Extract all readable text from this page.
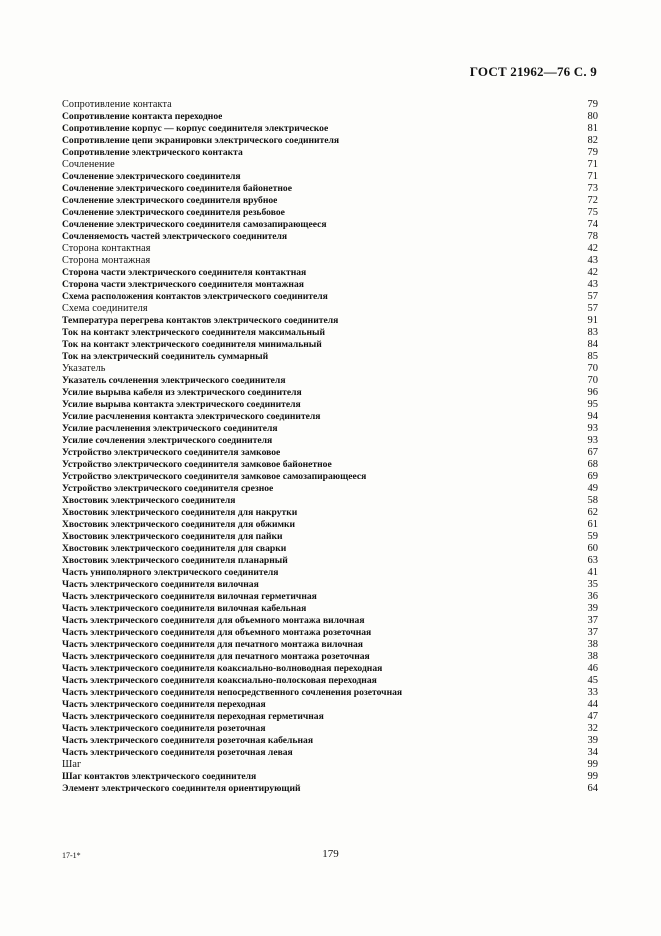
ГОСТ 21962—76 С. 9
Сопротивление контакта	79
Сопротивление контакта переходное	80
Сопротивление корпус — корпус соединителя электрическое	81
Сопротивление цепи экранировки электрического соединителя	82
Сопротивление электрического контакта	79
Сочленение	71
Сочленение электрического соединителя	71
Сочленение электрического соединителя байонетное	73
Сочленение электрического соединителя врубное	72
Сочленение электрического соединителя резьбовое	75
Сочленение электрического соединителя самозапирающееся	74
Сочленяемость частей электрического соединителя	78
Сторона контактная	42
Сторона монтажная	43
Сторона части электрического соединителя контактная	42
Сторона части электрического соединителя монтажная	43
Схема расположения контактов электрического соединителя	57
Схема соединителя	57
Температура перегрева контактов электрического соединителя	91
Ток на контакт электрического соединителя максимальный	83
Ток на контакт электрического соединителя минимальный	84
Ток на электрический соединитель суммарный	85
Указатель	70
Указатель сочленения электрического соединителя	70
Усилие вырыва кабеля из электрического соединителя	96
Усилие вырыва контакта электрического соединителя	95
Усилие расчленения контакта электрического соединителя	94
Усилие расчленения электрического соединителя	93
Усилие сочленения электрического соединителя	93
Устройство электрического соединителя замковое	67
Устройство электрического соединителя замковое байонетное	68
Устройство электрического соединителя замковое самозапирающееся	69
Устройство электрического соединителя срезное	49
Хвостовик электрического соединителя	58
Хвостовик электрического соединителя для накрутки	62
Хвостовик электрического соединителя для обжимки	61
Хвостовик электрического соединителя для пайки	59
Хвостовик электрического соединителя для сварки	60
Хвостовик электрического соединителя планарный	63
Часть униполярного электрического соединителя	41
Часть электрического соединителя вилочная	35
Часть электрического соединителя вилочная герметичная	36
Часть электрического соединителя вилочная кабельная	39
Часть электрического соединителя для объемного монтажа вилочная	37
Часть электрического соединителя для объемного монтажа розеточная	37
Часть электрического соединителя для печатного монтажа вилочная	38
Часть электрического соединителя для печатного монтажа розеточная	38
Часть электрического соединителя коаксиально-волноводная переходная	46
Часть электрического соединителя коаксиально-полосковая переходная	45
Часть электрического соединителя непосредственного сочленения розеточная	33
Часть электрического соединителя переходная	44
Часть электрического соединителя переходная герметичная	47
Часть электрического соединителя розеточная	32
Часть электрического соединителя розеточная кабельная	39
Часть электрического соединителя розеточная левая	34
Шаг	99
Шаг контактов электрического соединителя	99
Элемент электрического соединителя ориентирующий	64
17-1*	179
